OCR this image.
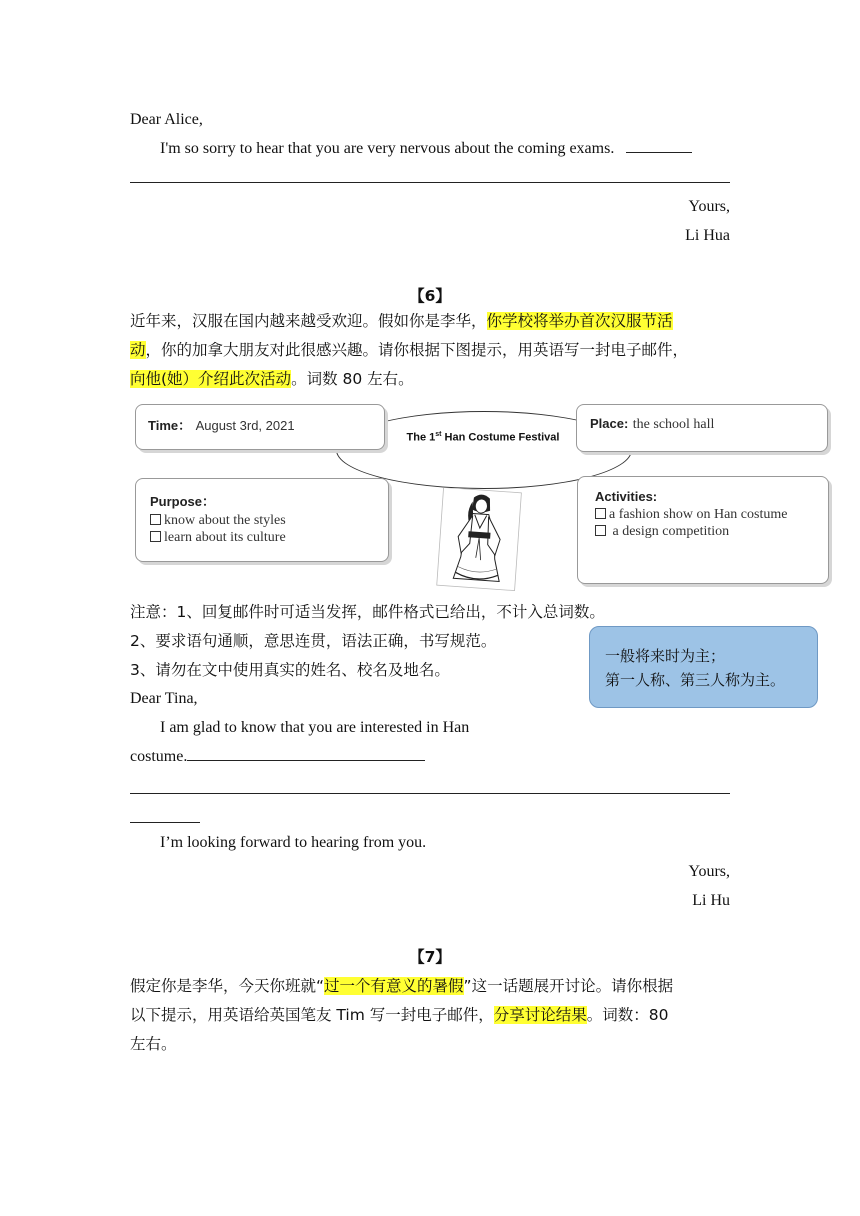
Dear Alice,
I'm so sorry to hear that you are very nervous about the coming exams.
Yours,
Li Hua
【6】
近年来，汉服在国内越来越受欢迎。假如你是李华，你学校将举办首次汉服节活
动，你的加拿大朋友对此很感兴趣。请你根据下图提示，用英语写一封电子邮件，
向他(她）介绍此次活动。词数 80 左右。
The 1st Han Costume Festival
Time： August 3rd, 2021	Place: the school hall
Purpose：
know about the styles
learn about its culture
Activities:
a fashion show on Han costume
a design competition
注意：1、回复邮件时可适当发挥，邮件格式已给出，不计入总词数。
2、要求语句通顺，意思连贯，语法正确，书写规范。
3、请勿在文中使用真实的姓名、校名及地名。
一般将来时为主；
第一人称、第三人称为主。
Dear Tina,
I am glad to know that you are interested in Han
costume.
I’m looking forward to hearing from you.
Yours,
Li Hu
【7】
假定你是李华，今天你班就“过一个有意义的暑假”这一话题展开讨论。请你根据
以下提示，用英语给英国笔友 Tim 写一封电子邮件，分享讨论结果。词数：80
左右。
